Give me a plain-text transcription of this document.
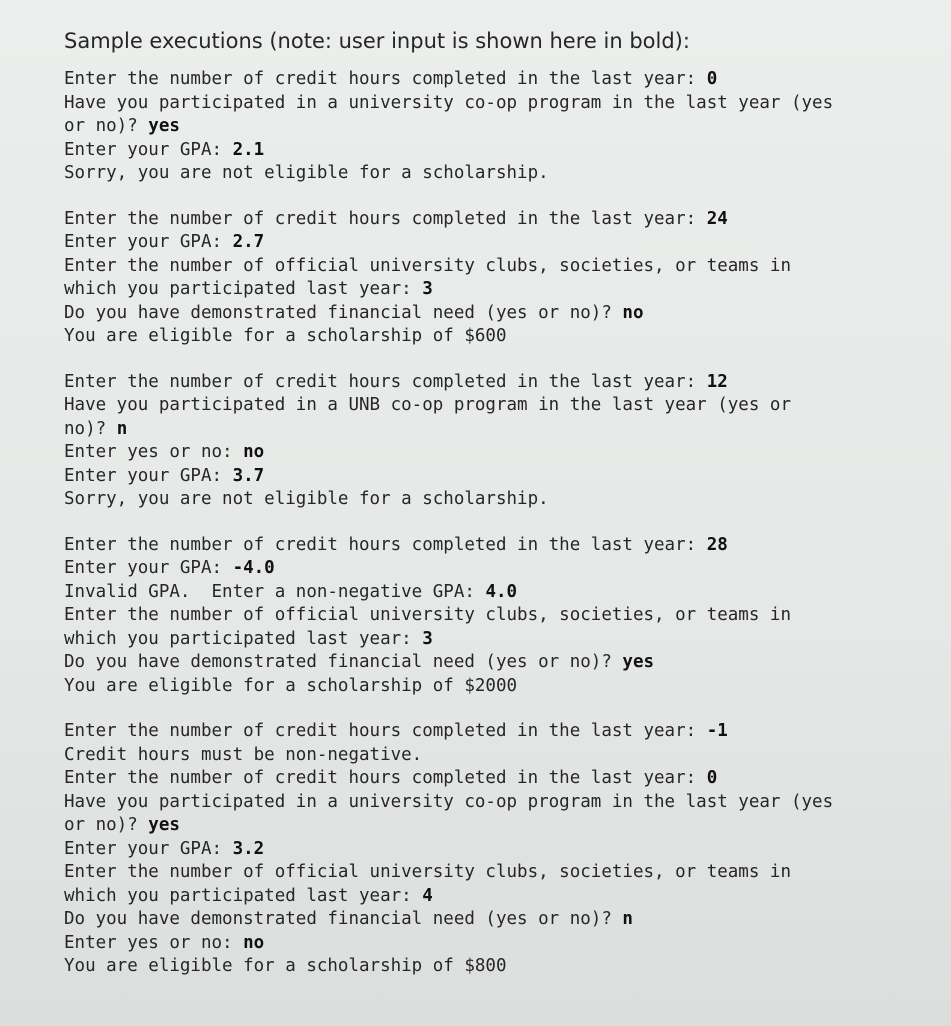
Sample executions (note: user input is shown here in bold):
Enter the number of credit hours completed in the last year: 0
Have you participated in a university co-op program in the last year (yes
or no)? yes
Enter your GPA: 2.1
Sorry, you are not eligible for a scholarship.
Enter the number of credit hours completed in the last year: 24
Enter your GPA: 2.7
Enter the number of official university clubs, societies, or teams in
which you participated last year: 3
Do you have demonstrated financial need (yes or no)? no
You are eligible for a scholarship of $600
Enter the number of credit hours completed in the last year: 12
Have you participated in a UNB co-op program in the last year (yes or
no)? n
Enter yes or no: no
Enter your GPA: 3.7
Sorry, you are not eligible for a scholarship.
Enter the number of credit hours completed in the last year: 28
Enter your GPA: -4.0
Invalid GPA.  Enter a non-negative GPA: 4.0
Enter the number of official university clubs, societies, or teams in
which you participated last year: 3
Do you have demonstrated financial need (yes or no)? yes
You are eligible for a scholarship of $2000
Enter the number of credit hours completed in the last year: -1
Credit hours must be non-negative.
Enter the number of credit hours completed in the last year: 0
Have you participated in a university co-op program in the last year (yes
or no)? yes
Enter your GPA: 3.2
Enter the number of official university clubs, societies, or teams in
which you participated last year: 4
Do you have demonstrated financial need (yes or no)? n
Enter yes or no: no
You are eligible for a scholarship of $800
